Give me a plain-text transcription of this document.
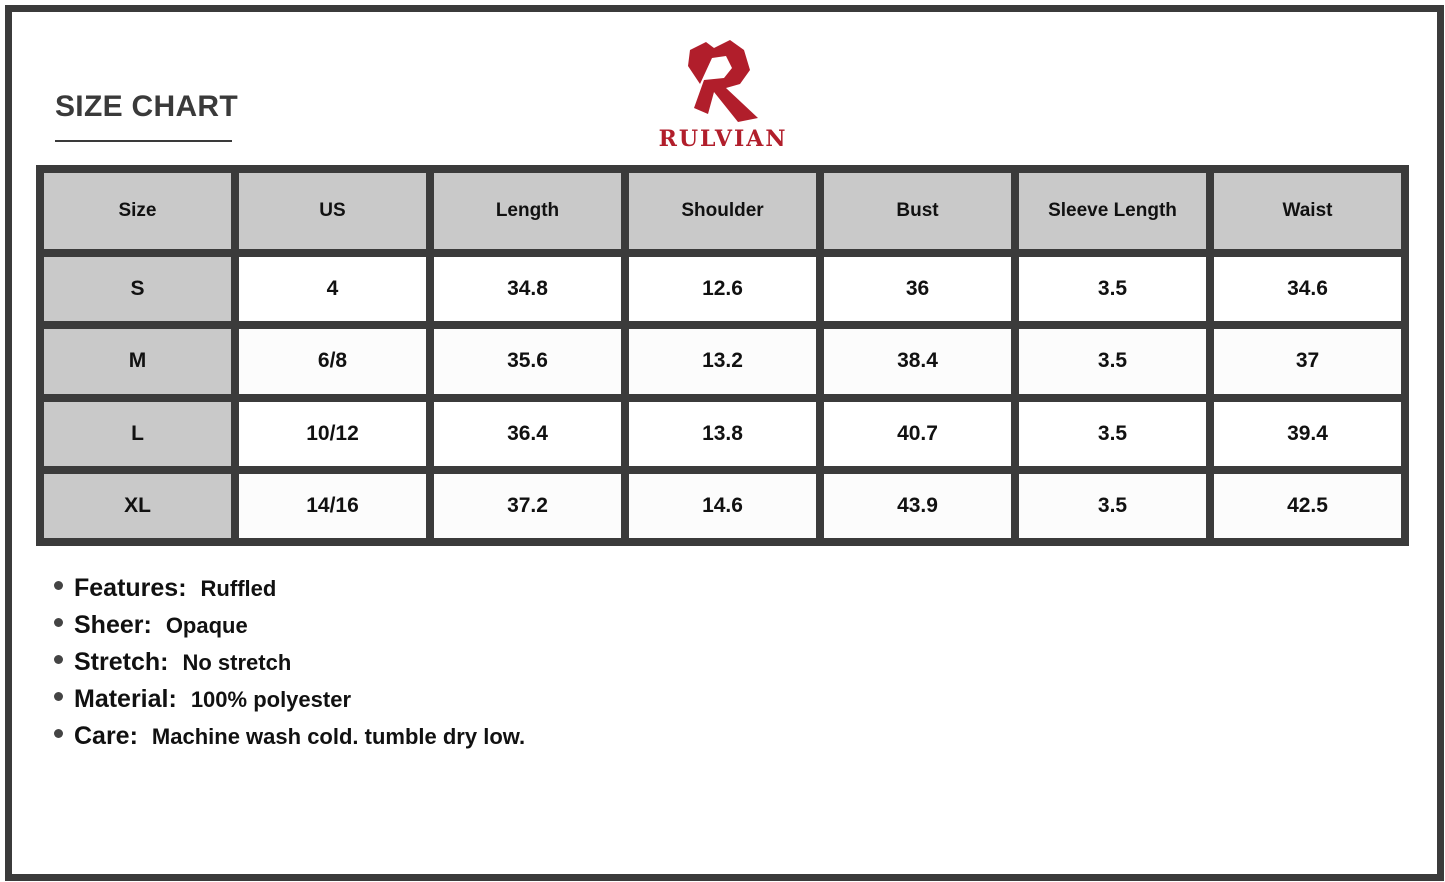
SIZE CHART
RULVIAN
Size	US	Length	Shoulder	Bust	Sleeve Length	Waist
S	4	34.8	12.6	36	3.5	34.6
M	6/8	35.6	13.2	38.4	3.5	37
L	10/12	36.4	13.8	40.7	3.5	39.4
XL	14/16	37.2	14.6	43.9	3.5	42.5
Features: Ruffled
Sheer: Opaque
Stretch: No stretch
Material: 100% polyester
Care: Machine wash cold. tumble dry low.
